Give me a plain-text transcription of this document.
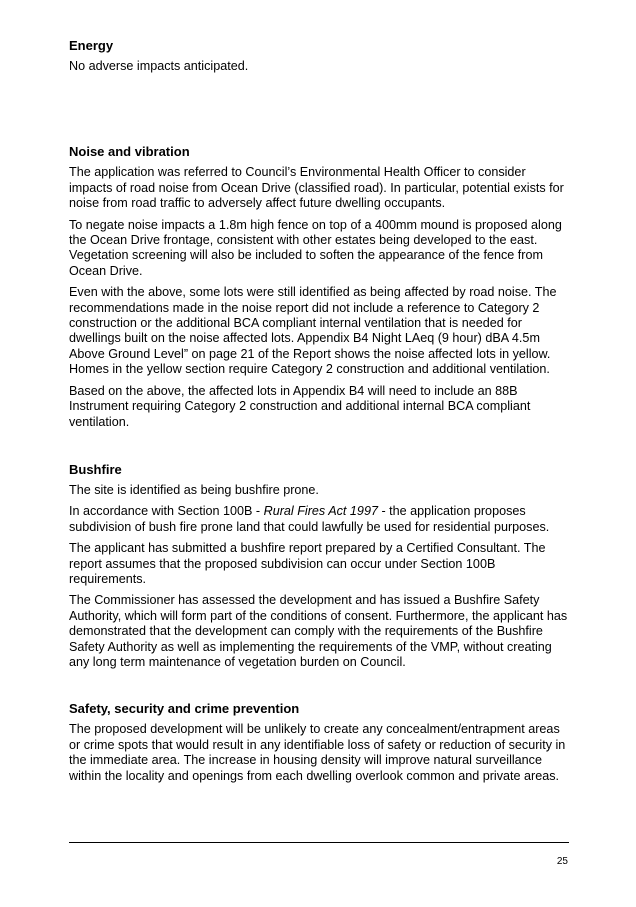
Energy

No adverse impacts anticipated.

Noise and vibration

The application was referred to Council’s Environmental Health Officer to consider impacts of road noise from Ocean Drive (classified road). In particular, potential exists for noise from road traffic to adversely affect future dwelling occupants.

To negate noise impacts a 1.8m high fence on top of a 400mm mound is proposed along the Ocean Drive frontage, consistent with other estates being developed to the east. Vegetation screening will also be included to soften the appearance of the fence from Ocean Drive.

Even with the above, some lots were still identified as being affected by road noise. The recommendations made in the noise report did not include a reference to Category 2 construction or the additional BCA compliant internal ventilation that is needed for dwellings built on the noise affected lots. Appendix B4 Night LAeq (9 hour) dBA 4.5m Above Ground Level” on page 21 of the Report shows the noise affected lots in yellow. Homes in the yellow section require Category 2 construction and additional ventilation.

Based on the above, the affected lots in Appendix B4 will need to include an 88B Instrument requiring Category 2 construction and additional internal BCA compliant ventilation.

Bushfire

The site is identified as being bushfire prone.

In accordance with Section 100B - Rural Fires Act 1997 - the application proposes subdivision of bush fire prone land that could lawfully be used for residential purposes.

The applicant has submitted a bushfire report prepared by a Certified Consultant. The report assumes that the proposed subdivision can occur under Section 100B requirements.

The Commissioner has assessed the development and has issued a Bushfire Safety Authority, which will form part of the conditions of consent. Furthermore, the applicant has demonstrated that the development can comply with the requirements of the Bushfire Safety Authority as well as implementing the requirements of the VMP, without creating any long term maintenance of vegetation burden on Council.

Safety, security and crime prevention

The proposed development will be unlikely to create any concealment/entrapment areas or crime spots that would result in any identifiable loss of safety or reduction of security in the immediate area. The increase in housing density will improve natural surveillance within the locality and openings from each dwelling overlook common and private areas.

25
